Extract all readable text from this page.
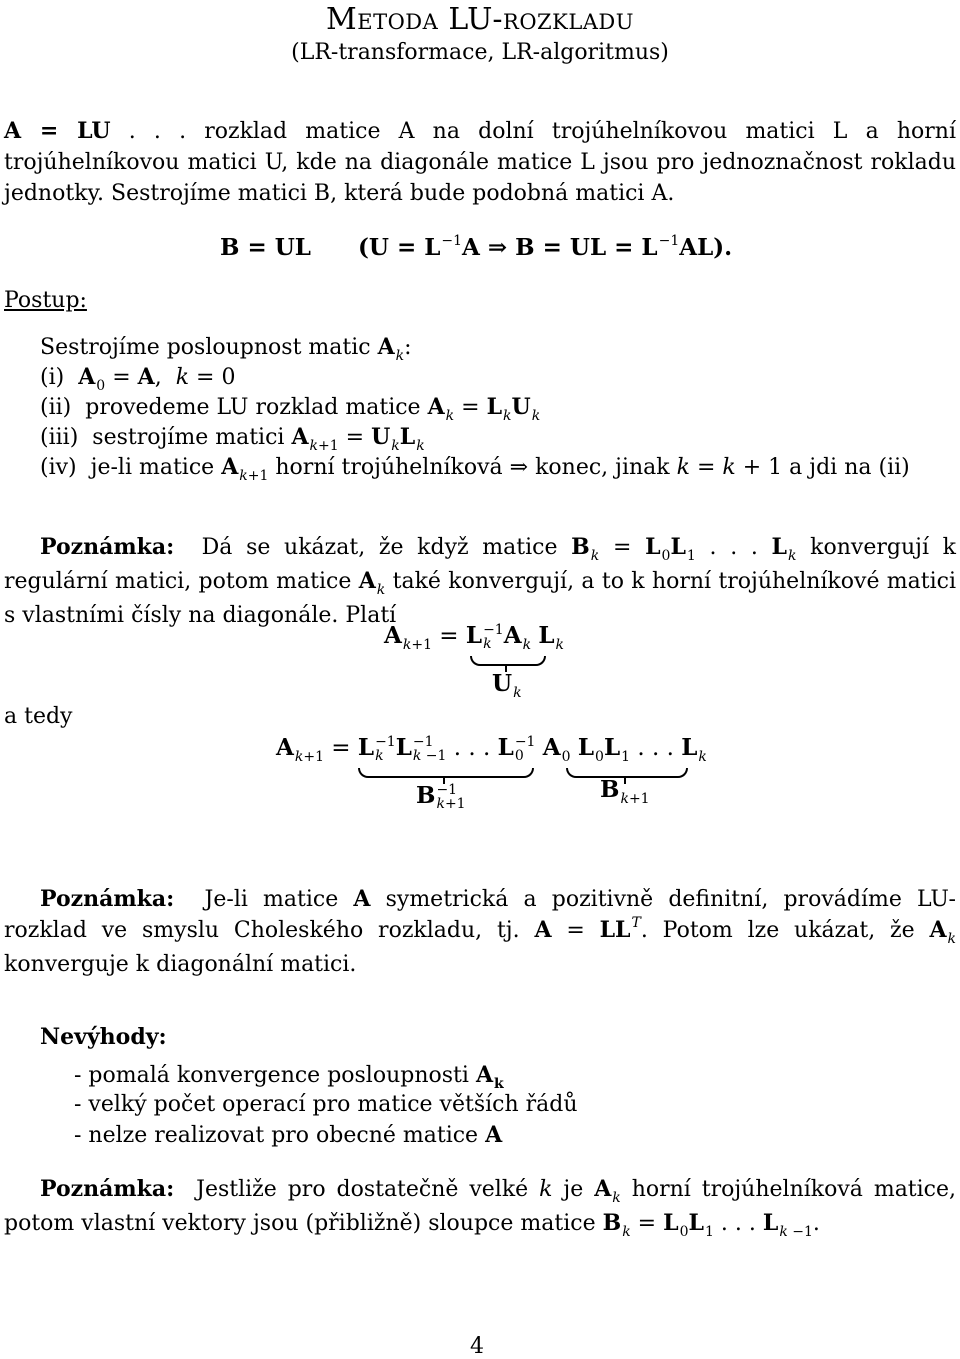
Metoda LU-rozkladu
(LR-transformace, LR-algoritmus)
A = LU . . . rozklad matice A na dolní trojúhelníkovou matici L a horní trojúhelníkovou matici U, kde na diagonále matice L jsou pro jednoznačnost rokladu jednotky. Sestrojíme matici B, která bude podobná matici A.
B = UL ($U = L^{-1}A$ ⇒ B = UL = $L^{-1}AL$).
Postup:
Sestrojíme posloupnost matic $A_k$:
(i) $A_0 = A$,  k = 0
(ii) provedeme LU rozklad matice $A_k = L_kU_k$
(iii) sestrojíme matici $A_{k+1} = U_kL_k$
(iv) je-li matice $A_{k+1}$ horní trojúhelníková ⇒ konec, jinak k = k + 1 a jdi na (ii)
Poznámka: Dá se ukázat, že když matice $B_k = L_0L_1$ . . . $L_k$ konvergují k regulární matici, potom matice $A_k$ také konvergují, a to k horní trojúhelníkové matici s vlastními čísly na diagonále. Platí
$A_{k+1} = L -1$
k $A_k$ $L_k$
$U_k$
a tedy
$A_{k+1} = L -1$
k L −1
k −1 . . . L −1
0 $A_0$ $L_0L_1$ . . . $L_k$
B −1
k+1
$B_{k+1}$
Poznámka: Je-li matice A symetrická a pozitivně definitní, provádíme LU-rozklad ve smyslu Choleského rozkladu, tj. $A = LL^T$. Potom lze ukázat, že $A_k$ konverguje k diagonální matici.
Nevýhody:
- pomalá konvergence posloupnosti $A_k$
- velký počet operací pro matice větších řádů
- nelze realizovat pro obecné matice A
Poznámka: Jestliže pro dostatečně velké k je $A_k$ horní trojúhelníková matice, potom vlastní vektory jsou (přibližně) sloupce matice $B_k = L_0L_1$ . . . $L_{k -1}$.
4
